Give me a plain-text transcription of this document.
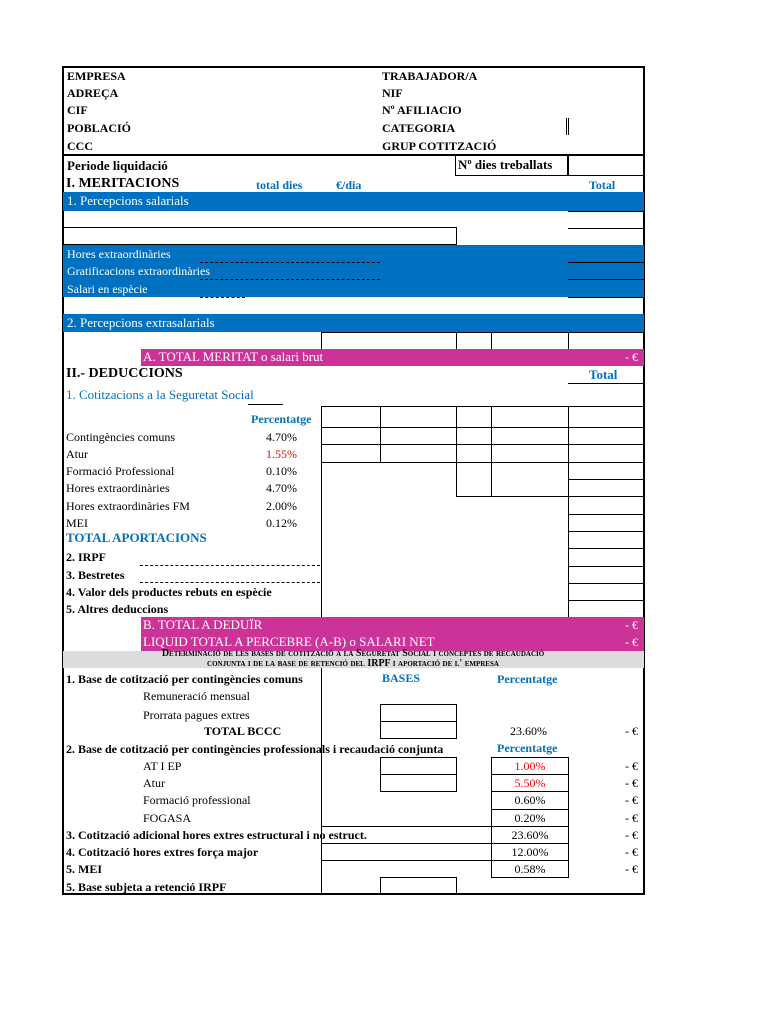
EMPRESA
ADREÇA
CIF
POBLACIÓ
CCC
TRABAJADOR/A
NIF
Nº AFILIACIO
CATEGORIA
GRUP COTITZACIÓ
Periode liquidació	Nº dies treballats
I. MERITACIONS	total dies	€/dia	Total
1. Percepcions salarials
Hores extraordinàries
Gratificacions extraordinàries
Salari en espècie
2. Percepcions extrasalarials
A. TOTAL MERITAT o salari brut	- €
II.- DEDUCCIONS	Total
1. Cotitzacions a la Seguretat Social
Percentatge
Contingències comuns	4.70%
Atur	1.55%
Formació Professional	0.10%
Hores extraordinàries	4.70%
Hores extraordinàries FM	2.00%
MEI	0.12%
TOTAL APORTACIONS
2. IRPF
3. Bestretes
4. Valor dels productes rebuts en espècie
5. Altres deduccions
B. TOTAL A DEDUÏR	- €
LIQUID TOTAL A PERCEBRE (A-B) o SALARI NET	- €
Determinació de les bases de cotització a la Seguretat Social i conceptes de recaudació
conjunta i de la base de retenció del IRPF i aportació de l' empresa
1. Base de cotització per contingències comuns	BASES	Percentatge
Remuneració mensual
Prorrata pagues extres
TOTAL BCCC	23.60%	- €
2. Base de cotització per contingències professionals i recaudació conjunta	Percentatge
AT I EP	1.00%	- €
Atur	5.50%	- €
Formació professional	0.60%	- €
FOGASA	0.20%	- €
3. Cotització adicional hores extres estructural i no estruct.	23.60%	- €
4. Cotització hores extres força major	12.00%	- €
5. MEI	0.58%	- €
5. Base subjeta a retenció IRPF
